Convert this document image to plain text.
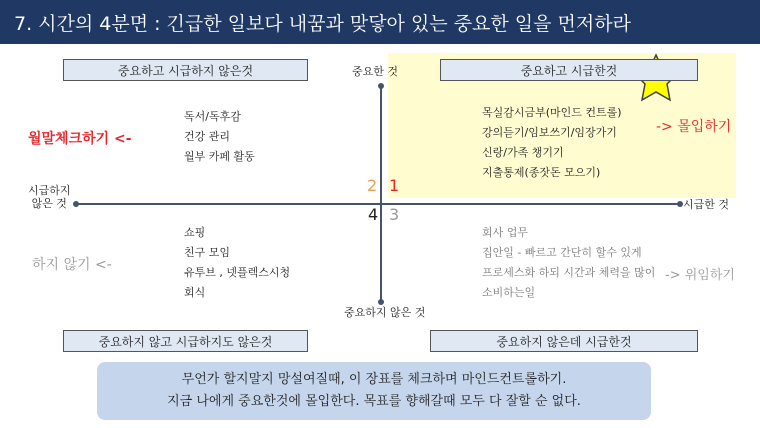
7. 시간의 4분면 : 긴급한 일보다 내꿈과 맞닿아 있는 중요한 일을 먼저하라
중요한 것
중요하지 않은 것
시급하지
않은 것	시급한 것
중요하고 시급하지 않은것	중요하고 시급한것
중요하지 않고 시급하지도 않은것	중요하지 않은데 시급한것
2 1
4 3
독서/독후감
건강 관리
월부 카페 활동
목실감시금부(마인드 컨트롤)
강의듣기/임보쓰기/임장가기
신랑/가족 챙기기
지출통제(종잣돈 모으기)
쇼핑
친구 모임
유투브 , 넷플렉스시청
회식
회사 업무
집안일 - 빠르고 간단히 할수 있게
프로세스화 하되 시간과 체력을 많이
소비하는일
월말체크하기 <-
-> 몰입하기
하지 않기 <-
-> 위임하기
무언가 할지말지 망설여질때, 이 장표를 체크하며 마인드컨트롤하기.
지금 나에게 중요한것에 몰입한다. 목표를 향해갈때 모두 다 잘할 순 없다.
